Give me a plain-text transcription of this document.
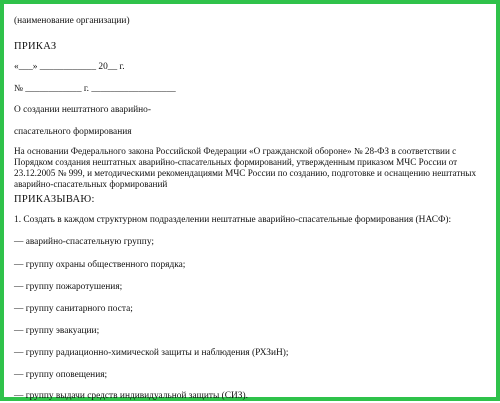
(наименование организации)
ПРИКАЗ
«___» ____________ 20__ г.
№ ____________ г. __________________
О создании нештатного аварийно-
спасательного формирования
На основании Федерального закона Российской Федерации «О гражданской обороне» № 28-ФЗ в соответствии с Порядком создания нештатных аварийно-спасательных формирований, утвержденным приказом МЧС России от 23.12.2005 № 999, и методическими рекомендациями МЧС России по созданию, подготовке и оснащению нештатных аварийно-спасательных формирований
ПРИКАЗЫВАЮ:
1. Создать в каждом структурном подразделении нештатные аварийно-спасательные формирования (НАСФ):
— аварийно-спасательную группу;
— группу охраны общественного порядка;
— группу пожаротушения;
— группу санитарного поста;
— группу эвакуации;
— группу радиационно-химической защиты и наблюдения (РХЗиН);
— группу оповещения;
— группу выдачи средств индивидуальной защиты (СИЗ).
